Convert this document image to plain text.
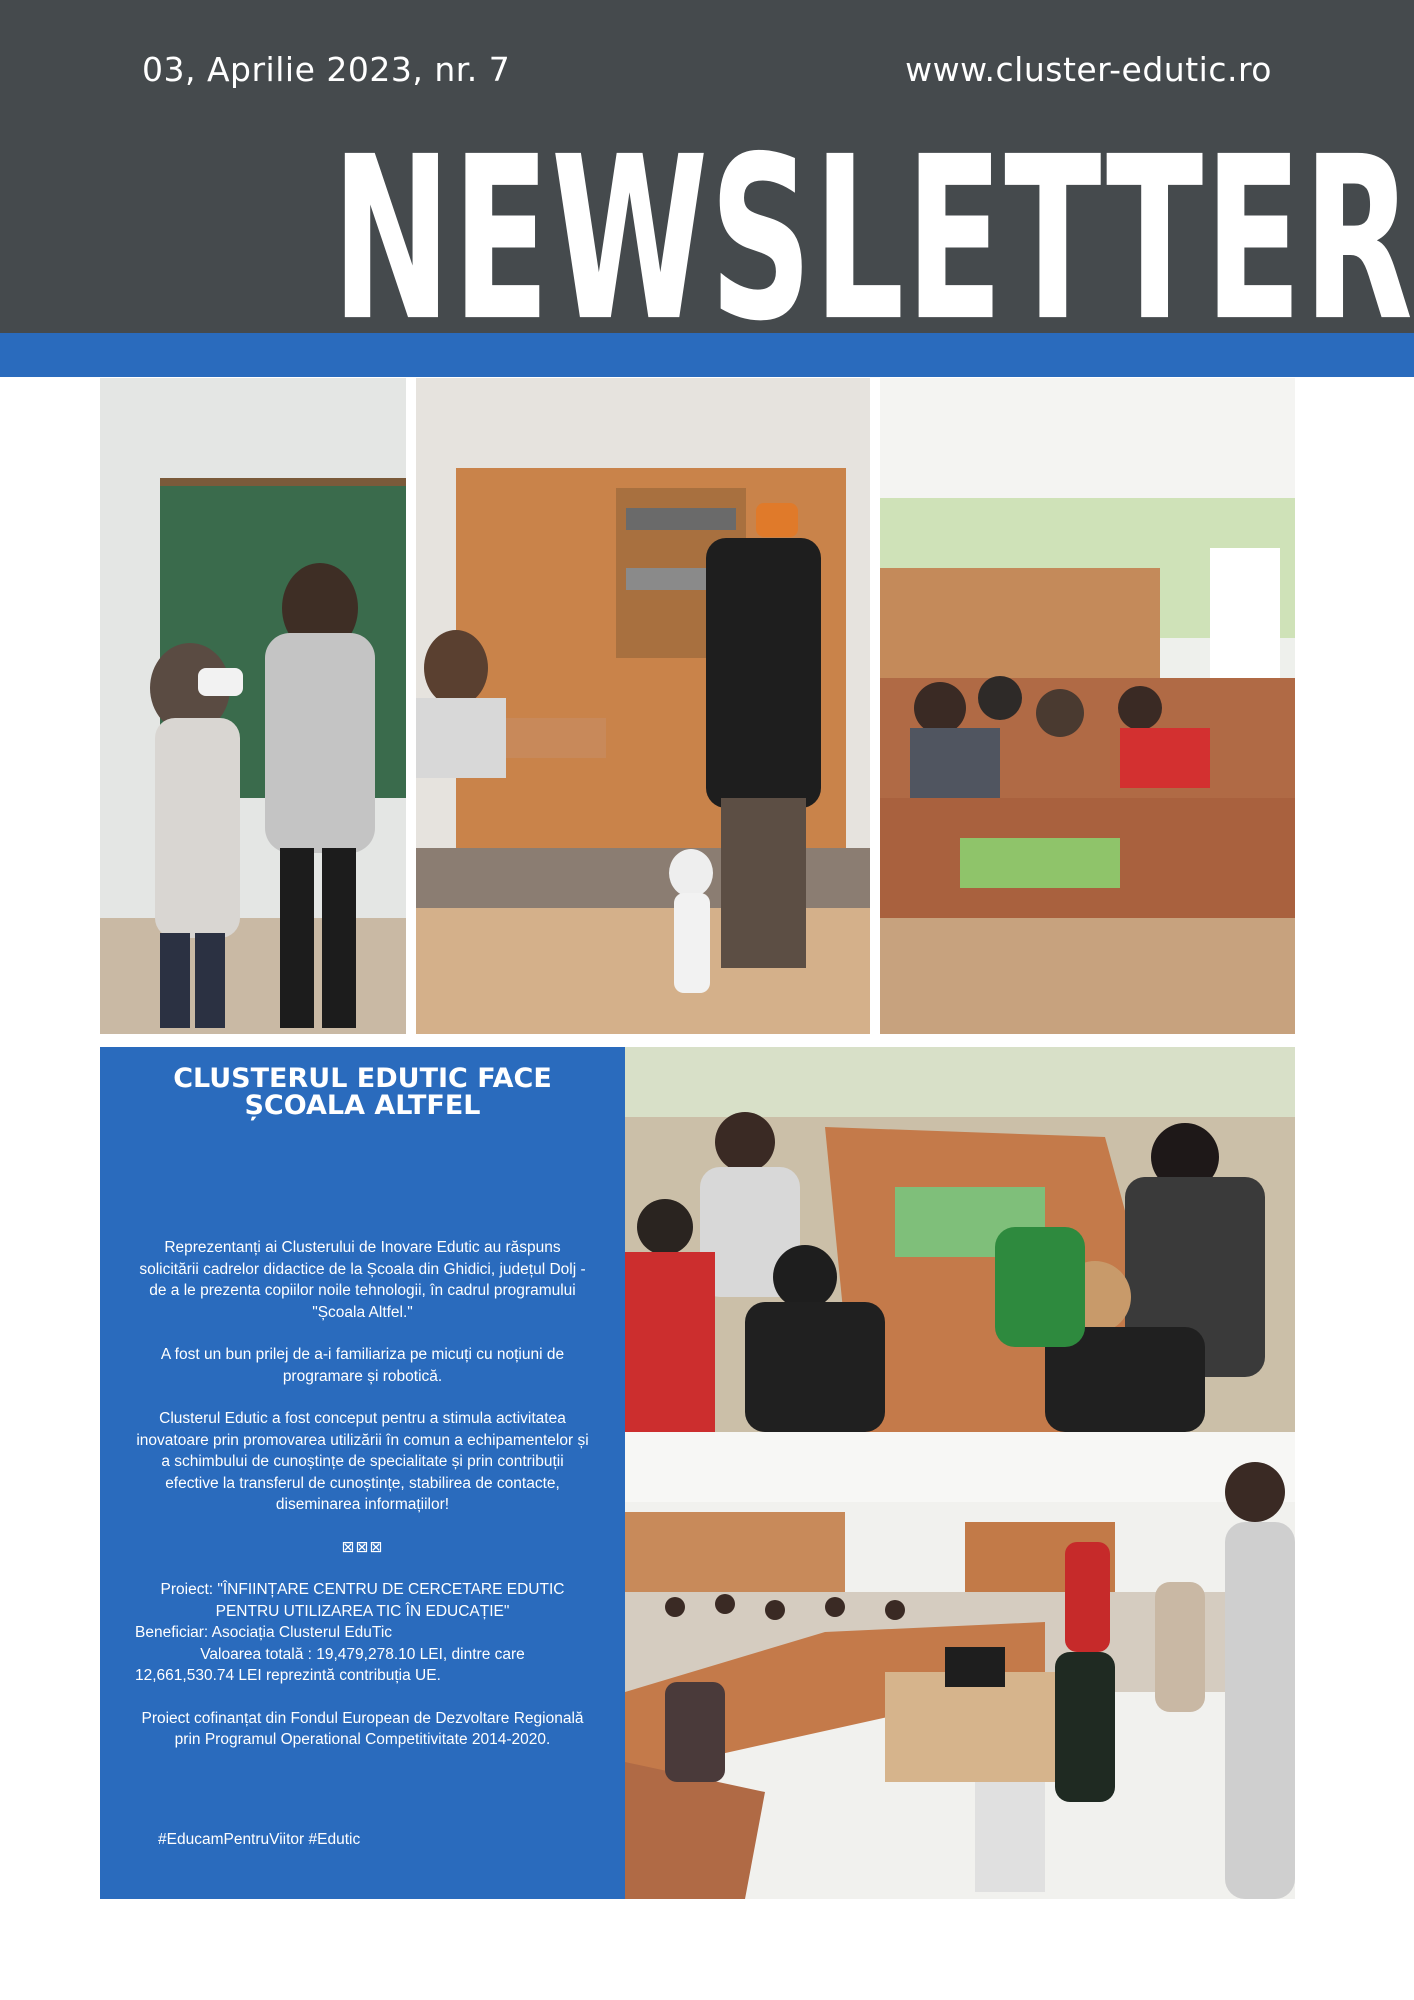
03, Aprilie 2023, nr. 7	www.cluster-edutic.ro
NEWSLETTER
CLUSTERUL EDUTIC FACE
ȘCOALA ALTFEL

Reprezentanți ai Clusterului de Inovare Edutic au răspuns solicitării cadrelor didactice de la Școala din Ghidici, județul Dolj - de a le prezenta copiilor noile tehnologii, în cadrul programului "Școala Altfel."

A fost un bun prilej de a-i familiariza pe micuți cu noțiuni de programare și robotică.

Clusterul Edutic a fost conceput pentru a stimula activitatea inovatoare prin promovarea utilizării în comun a echipamentelor și a schimbului de cunoștințe de specialitate și prin contribuții efective la transferul de cunoștințe, stabilirea de contacte, diseminarea informațiilor!

⊠⊠⊠

Proiect: "ÎNFIINȚARE CENTRU DE CERCETARE EDUTIC PENTRU UTILIZAREA TIC ÎN EDUCAȚIE"

Beneficiar: Asociația Clusterul EduTic

Valoarea totală : 19,479,278.10 LEI, dintre care

12,661,530.74 LEI reprezintă contribuția UE.

Proiect cofinanțat din Fondul European de Dezvoltare Regională prin Programul Operational Competitivitate 2014-2020.

#EducamPentruViitor #Edutic
